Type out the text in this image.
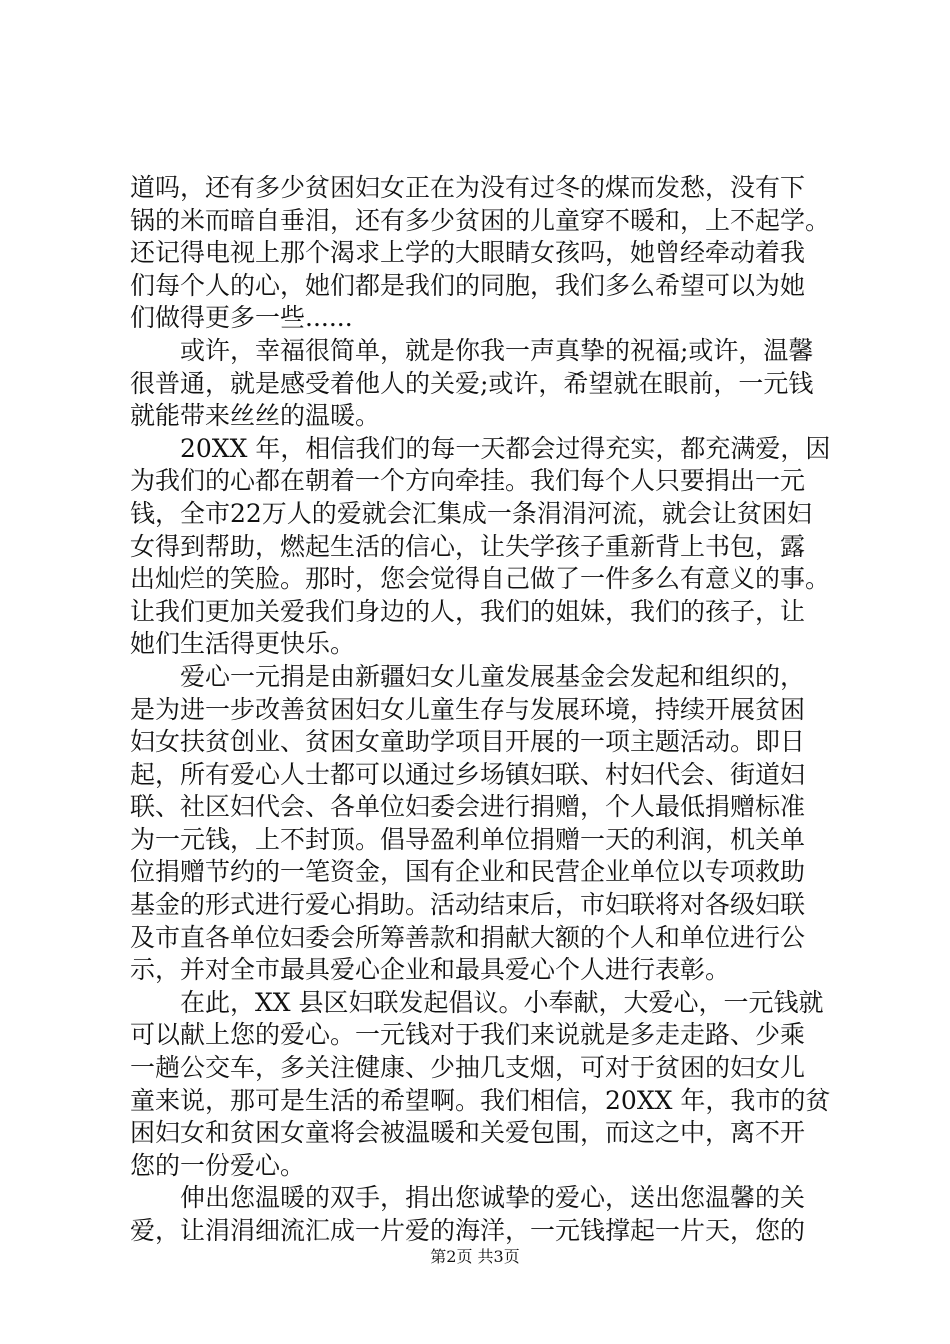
道吗，还有多少贫困妇女正在为没有过冬的煤而发愁，没有下
锅的米而暗自垂泪，还有多少贫困的儿童穿不暖和，上不起学。
还记得电视上那个渴求上学的大眼睛女孩吗，她曾经牵动着我
们每个人的心，她们都是我们的同胞，我们多么希望可以为她
们做得更多一些......
或许，幸福很简单，就是你我一声真挚的祝福;或许，温馨
很普通，就是感受着他人的关爱;或许，希望就在眼前，一元钱
就能带来丝丝的温暖。
20XX 年，相信我们的每一天都会过得充实，都充满爱，因
为我们的心都在朝着一个方向牵挂。我们每个人只要捐出一元
钱，全市22万人的爱就会汇集成一条涓涓河流，就会让贫困妇
女得到帮助，燃起生活的信心，让失学孩子重新背上书包，露
出灿烂的笑脸。那时，您会觉得自己做了一件多么有意义的事。
让我们更加关爱我们身边的人，我们的姐妹，我们的孩子，让
她们生活得更快乐。
爱心一元捐是由新疆妇女儿童发展基金会发起和组织的，
是为进一步改善贫困妇女儿童生存与发展环境，持续开展贫困
妇女扶贫创业、贫困女童助学项目开展的一项主题活动。即日
起，所有爱心人士都可以通过乡场镇妇联、村妇代会、街道妇
联、社区妇代会、各单位妇委会进行捐赠，个人最低捐赠标准
为一元钱，上不封顶。倡导盈利单位捐赠一天的利润，机关单
位捐赠节约的一笔资金，国有企业和民营企业单位以专项救助
基金的形式进行爱心捐助。活动结束后，市妇联将对各级妇联
及市直各单位妇委会所筹善款和捐献大额的个人和单位进行公
示，并对全市最具爱心企业和最具爱心个人进行表彰。
在此，XX 县区妇联发起倡议。小奉献，大爱心，一元钱就
可以献上您的爱心。一元钱对于我们来说就是多走走路、少乘
一趟公交车，多关注健康、少抽几支烟，可对于贫困的妇女儿
童来说，那可是生活的希望啊。我们相信，20XX 年，我市的贫
困妇女和贫困女童将会被温暖和关爱包围，而这之中，离不开
您的一份爱心。
伸出您温暖的双手，捐出您诚挚的爱心，送出您温馨的关
爱，让涓涓细流汇成一片爱的海洋，一元钱撑起一片天，您的
第2页 共3页
